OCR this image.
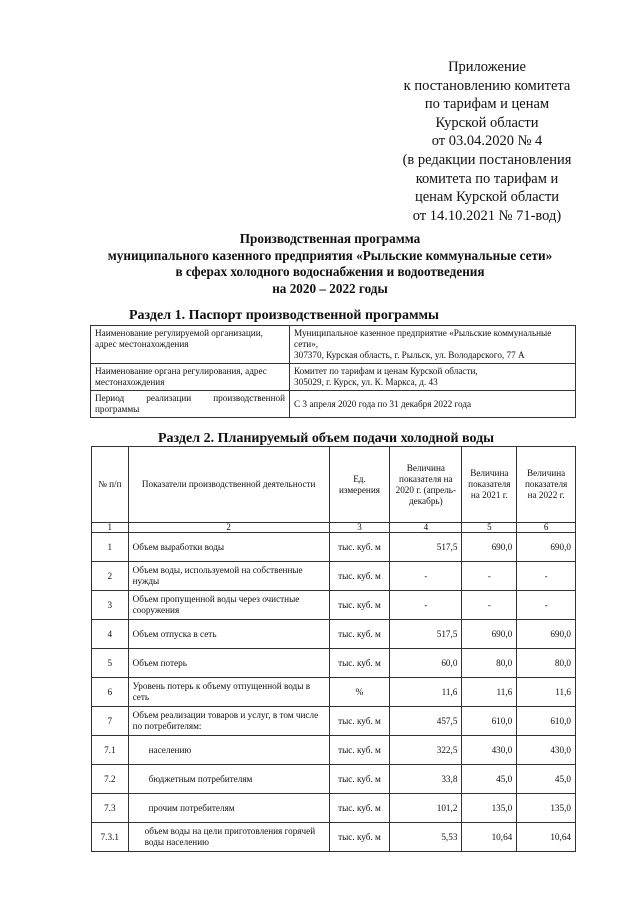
Приложение
к постановлению комитета
по тарифам и ценам
Курской области
от 03.04.2020 № 4
(в редакции постановления
комитета по тарифам и
ценам Курской области
от 14.10.2021 № 71-вод)
Производственная программа
муниципального казенного предприятия «Рыльские коммунальные сети»
в сферах холодного водоснабжения и водоотведения
на 2020 – 2022 годы
Раздел 1. Паспорт производственной программы
Наименование регулируемой организации, адрес местонахождения	Муниципальное казенное предприятие «Рыльские коммунальные сети»,
307370, Курская область, г. Рыльск, ул. Володарского, 77 А

Наименование органа регулирования, адрес местонахождения	Комитет по тарифам и ценам Курской области,
305029, г. Курск, ул. К. Маркса, д. 43

Период реализации производственной
программы	С 3 апреля 2020 года по 31 декабря 2022 года
Раздел 2. Планируемый объем подачи холодной воды
№ п/п	Показатели производственной деятельности	Ед. измерения	Величина показателя на 2020 г. (апрель-декабрь)	Величина показателя на 2021 г.	Величина показателя на 2022 г.
1	2	3	4	5	6
1	Объем выработки воды	тыс. куб. м	517,5	690,0	690,0
2	Объем воды, используемой на собственные нужды	тыс. куб. м	-	-	-
3	Объем пропущенной воды через очистные сооружения	тыс. куб. м	-	-	-
4	Объем отпуска в сеть	тыс. куб. м	517,5	690,0	690,0
5	Объем потерь	тыс. куб. м	60,0	80,0	80,0
6	Уровень потерь к объему отпущенной воды в сеть	%	11,6	11,6	11,6
7	Объем реализации товаров и услуг, в том числе по потребителям:	тыс. куб. м	457,5	610,0	610,0
7.1	населению	тыс. куб. м	322,5	430,0	430,0
7.2	бюджетным потребителям	тыс. куб. м	33,8	45,0	45,0
7.3	прочим потребителям	тыс. куб. м	101,2	135,0	135,0
7.3.1	объем воды на цели приготовления горячей воды населению	тыс. куб. м	5,53	10,64	10,64
